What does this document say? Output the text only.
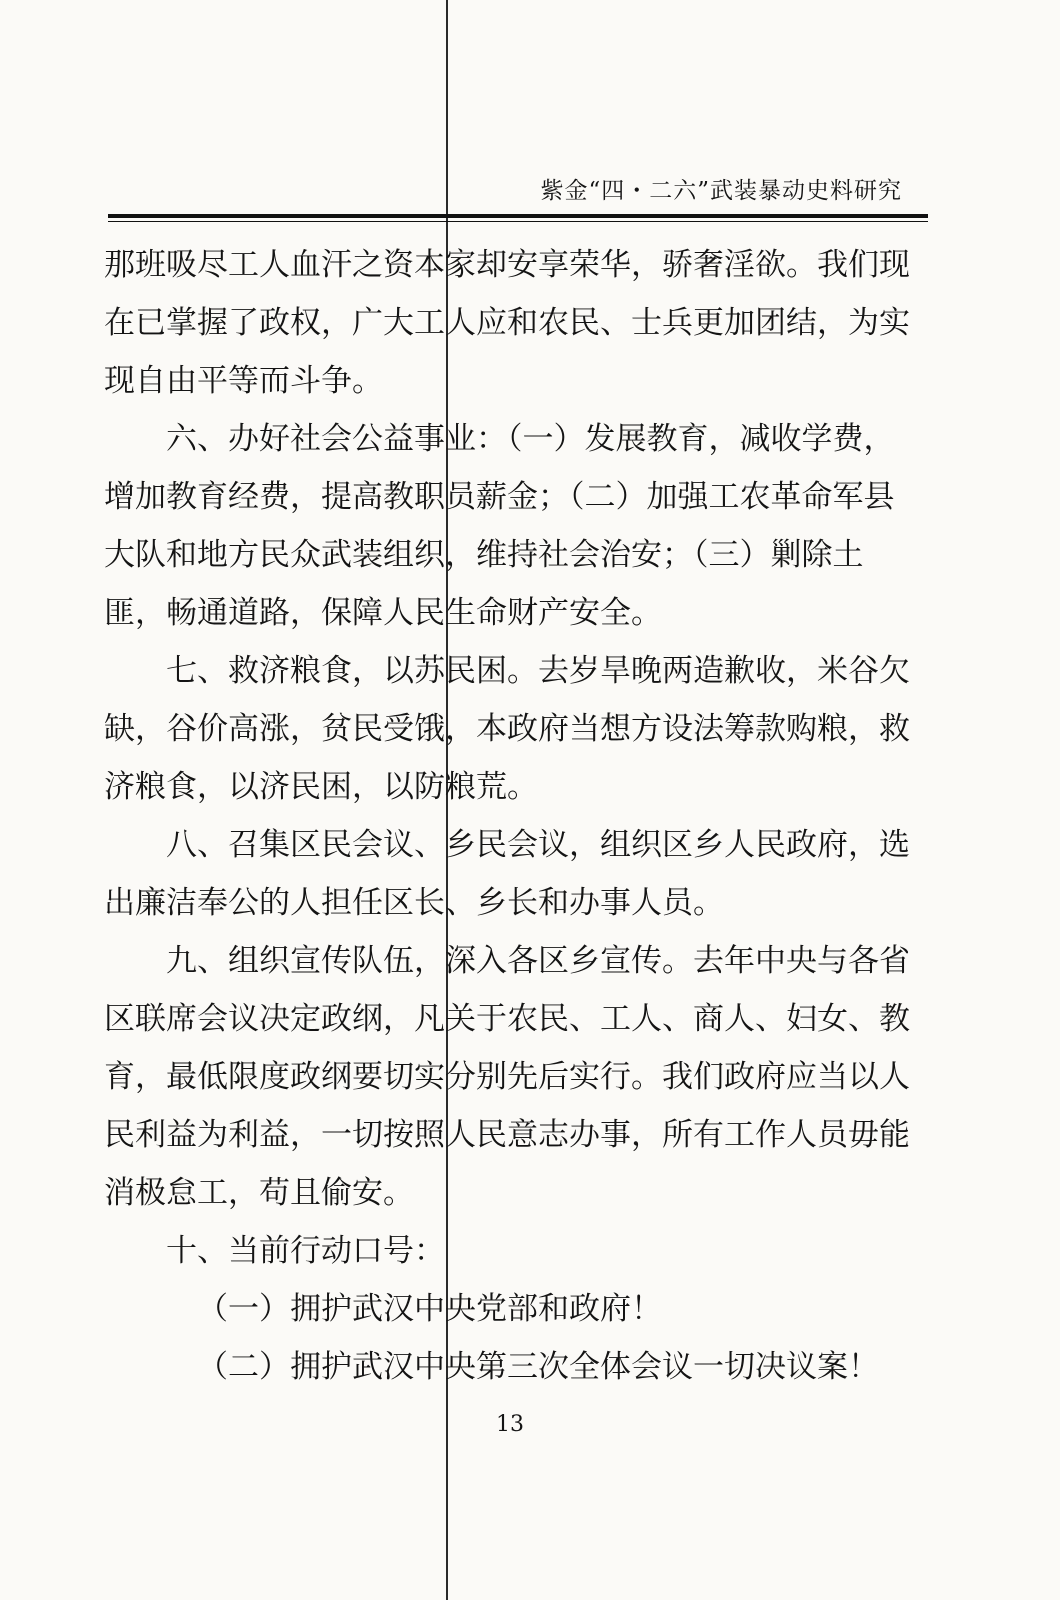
紫金“四・二六”武装暴动史料研究

那班吸尽工人血汗之资本家却安享荣华，骄奢淫欲。我们现在已掌握了政权，广大工人应和农民、士兵更加团结，为实现自由平等而斗争。

六、办好社会公益事业：（一）发展教育，减收学费，增加教育经费，提高教职员薪金；（二）加强工农革命军县大队和地方民众武装组织，维持社会治安；（三）剿除土匪，畅通道路，保障人民生命财产安全。

七、救济粮食，以苏民困。去岁旱晚两造歉收，米谷欠缺，谷价高涨，贫民受饿，本政府当想方设法筹款购粮，救济粮食，以济民困，以防粮荒。

八、召集区民会议、乡民会议，组织区乡人民政府，选出廉洁奉公的人担任区长、乡长和办事人员。

九、组织宣传队伍，深入各区乡宣传。去年中央与各省区联席会议决定政纲，凡关于农民、工人、商人、妇女、教育，最低限度政纲要切实分别先后实行。我们政府应当以人民利益为利益，一切按照人民意志办事，所有工作人员毋能消极怠工，苟且偷安。

十、当前行动口号：

（一）拥护武汉中央党部和政府！

（二）拥护武汉中央第三次全体会议一切决议案！

13
